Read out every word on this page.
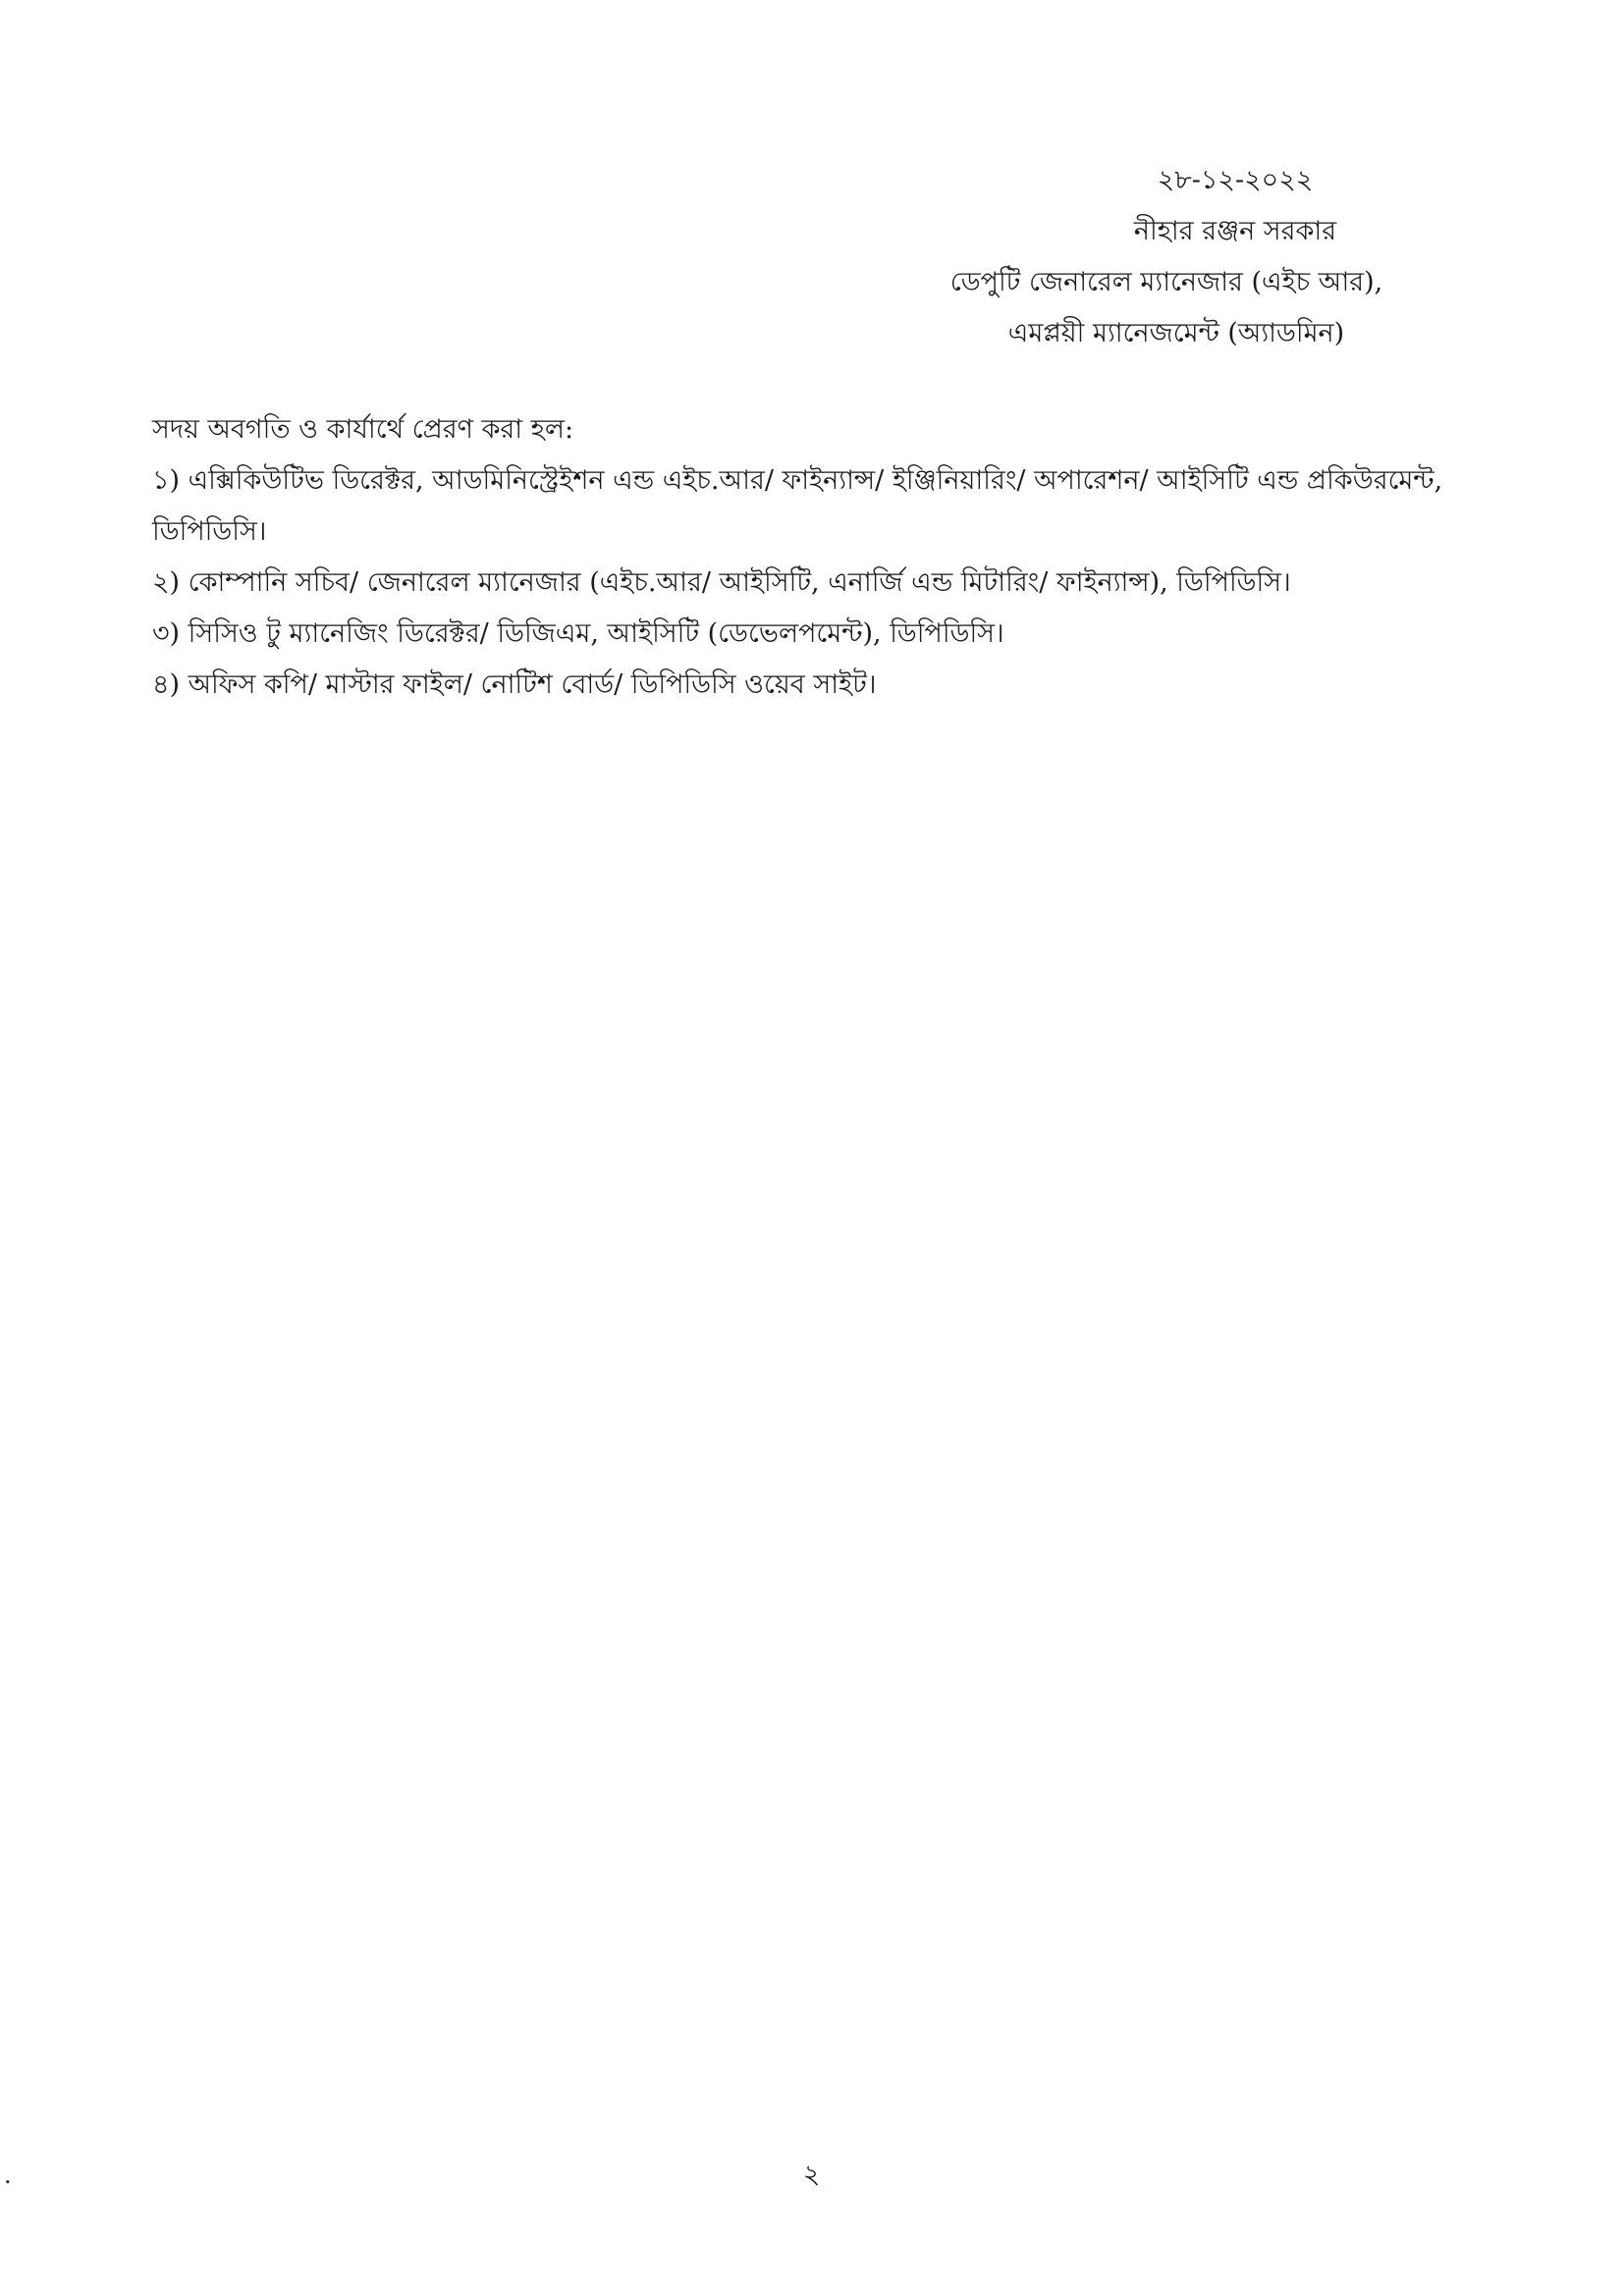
২৮-১২-২০২২
নীহার রঞ্জন সরকার
ডেপুটি জেনারেল ম্যানেজার (এইচ আর),
এমপ্লয়ী ম্যানেজমেন্ট (অ্যাডমিন)
সদয় অবগতি ও কার্যার্থে প্রেরণ করা হল:
১) এক্সিকিউটিভ ডিরেক্টর, আডমিনিস্ট্রেইশন এন্ড এইচ.আর/ ফাইন্যান্স/ ইঞ্জিনিয়ারিং/ অপারেশন/ আইসিটি এন্ড প্রকিউরমেন্ট, ডিপিডিসি।
২) কোম্পানি সচিব/ জেনারেল ম্যানেজার (এইচ.আর/ আইসিটি, এনার্জি এন্ড মিটারিং/ ফাইন্যান্স), ডিপিডিসি।
৩) সিসিও টু ম্যানেজিং ডিরেক্টর/ ডিজিএম, আইসিটি (ডেভেলপমেন্ট), ডিপিডিসি।
৪) অফিস কপি/ মাস্টার ফাইল/ নোটিশ বোর্ড/ ডিপিডিসি ওয়েব সাইট।
.	২
